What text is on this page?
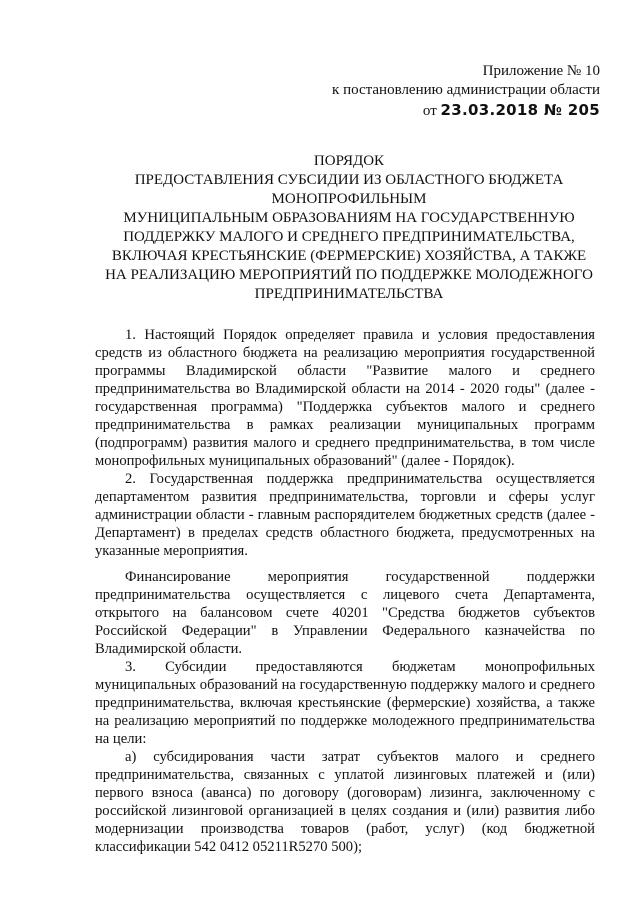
Приложение № 10
к постановлению администрации области
от 23.03.2018 № 205
ПОРЯДОК
ПРЕДОСТАВЛЕНИЯ СУБСИДИИ ИЗ ОБЛАСТНОГО БЮДЖЕТА
МОНОПРОФИЛЬНЫМ
МУНИЦИПАЛЬНЫМ ОБРАЗОВАНИЯМ НА ГОСУДАРСТВЕННУЮ
ПОДДЕРЖКУ МАЛОГО И СРЕДНЕГО ПРЕДПРИНИМАТЕЛЬСТВА,
ВКЛЮЧАЯ КРЕСТЬЯНСКИЕ (ФЕРМЕРСКИЕ) ХОЗЯЙСТВА, А ТАКЖЕ
НА РЕАЛИЗАЦИЮ МЕРОПРИЯТИЙ ПО ПОДДЕРЖКЕ МОЛОДЕЖНОГО
ПРЕДПРИНИМАТЕЛЬСТВА

1. Настоящий Порядок определяет правила и условия предоставления средств из областного бюджета на реализацию мероприятия государственной программы Владимирской области "Развитие малого и среднего предпринимательства во Владимирской области на 2014 - 2020 годы" (далее - государственная программа) "Поддержка субъектов малого и среднего предпринимательства в рамках реализации муниципальных программ (подпрограмм) развития малого и среднего предпринимательства, в том числе монопрофильных муниципальных образований" (далее - Порядок).

2. Государственная поддержка предпринимательства осуществляется департаментом развития предпринимательства, торговли и сферы услуг администрации области - главным распорядителем бюджетных средств (далее - Департамент) в пределах средств областного бюджета, предусмотренных на указанные мероприятия.

Финансирование мероприятия государственной поддержки предпринимательства осуществляется с лицевого счета Департамента, открытого на балансовом счете 40201 "Средства бюджетов субъектов Российской Федерации" в Управлении Федерального казначейства по Владимирской области.

3. Субсидии предоставляются бюджетам монопрофильных муниципальных образований на государственную поддержку малого и среднего предпринимательства, включая крестьянские (фермерские) хозяйства, а также на реализацию мероприятий по поддержке молодежного предпринимательства на цели:

а) субсидирования части затрат субъектов малого и среднего предпринимательства, связанных с уплатой лизинговых платежей и (или) первого взноса (аванса) по договору (договорам) лизинга, заключенному с российской лизинговой организацией в целях создания и (или) развития либо модернизации производства товаров (работ, услуг) (код бюджетной классификации 542 0412 05211R5270 500);
